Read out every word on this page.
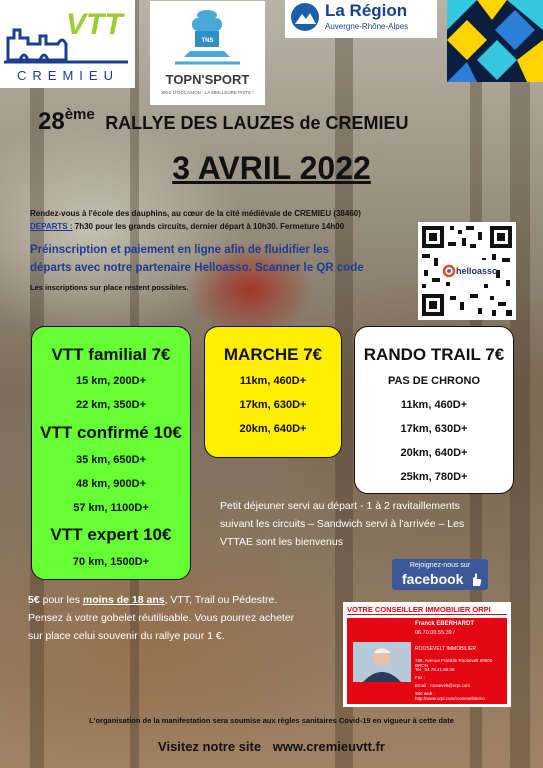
VTT
CREMIEU
TNS
TOPN'SPORT
SKIS D'OCCASION · LA MEILLEURE PISTE !
La Région
Auvergne-Rhône-Alpes
28ème RALLYE DES LAUZES de CREMIEU
3 AVRIL 2022
Rendez-vous à l'école des dauphins, au cœur de la cité médiévale de CREMIEU (38460)
DEPARTS : 7h30 pour les grands circuits, dernier départ à 10h30. Fermeture 14h00
Préinscription et paiement en ligne afin de fluidifier les
départs avec notre partenaire Helloasso. Scanner le QR code
Les inscriptions sur place restent possibles.
helloasso
VTT familial 7€
15 km, 200D+
22 km, 350D+
VTT confirmé 10€
35 km, 650D+
48 km, 900D+
57 km, 1100D+
VTT expert 10€
70 km, 1500D+
MARCHE 7€
11km, 460D+
17km, 630D+
20km, 640D+
RANDO TRAIL 7€
PAS DE CHRONO
11km, 460D+
17km, 630D+
20km, 640D+
25km, 780D+
Petit déjeuner servi au départ - 1 à 2 ravitaillements
suivant les circuits – Sandwich servi à l'arrivée – Les
VTTAE sont les bienvenus
Rejoignez-nous sur
facebook
5€ pour les moins de 18 ans, VTT, Trail ou Pédestre.
Pensez à votre gobelet réutilisable. Vous pourrez acheter
sur place celui souvenir du rallye pour 1 €.
VOTRE CONSEILLER IMMOBILIER ORPI
Franck EBERHARDT
06.70.00.55.39 /
ROOSEVELT IMMOBILIER
788, Avenue Franklin Roosevelt 69500 BRON
Tel : 04.78.41.66.06
Fax :
Email : roosevelt@orpi.com
Site web : http://www.orpi.com/rooseveltimmo
L'organisation de la manifestation sera soumise aux règles sanitaires Covid-19 en vigueur à cette date
Visitez notre site www.cremieuvtt.fr
